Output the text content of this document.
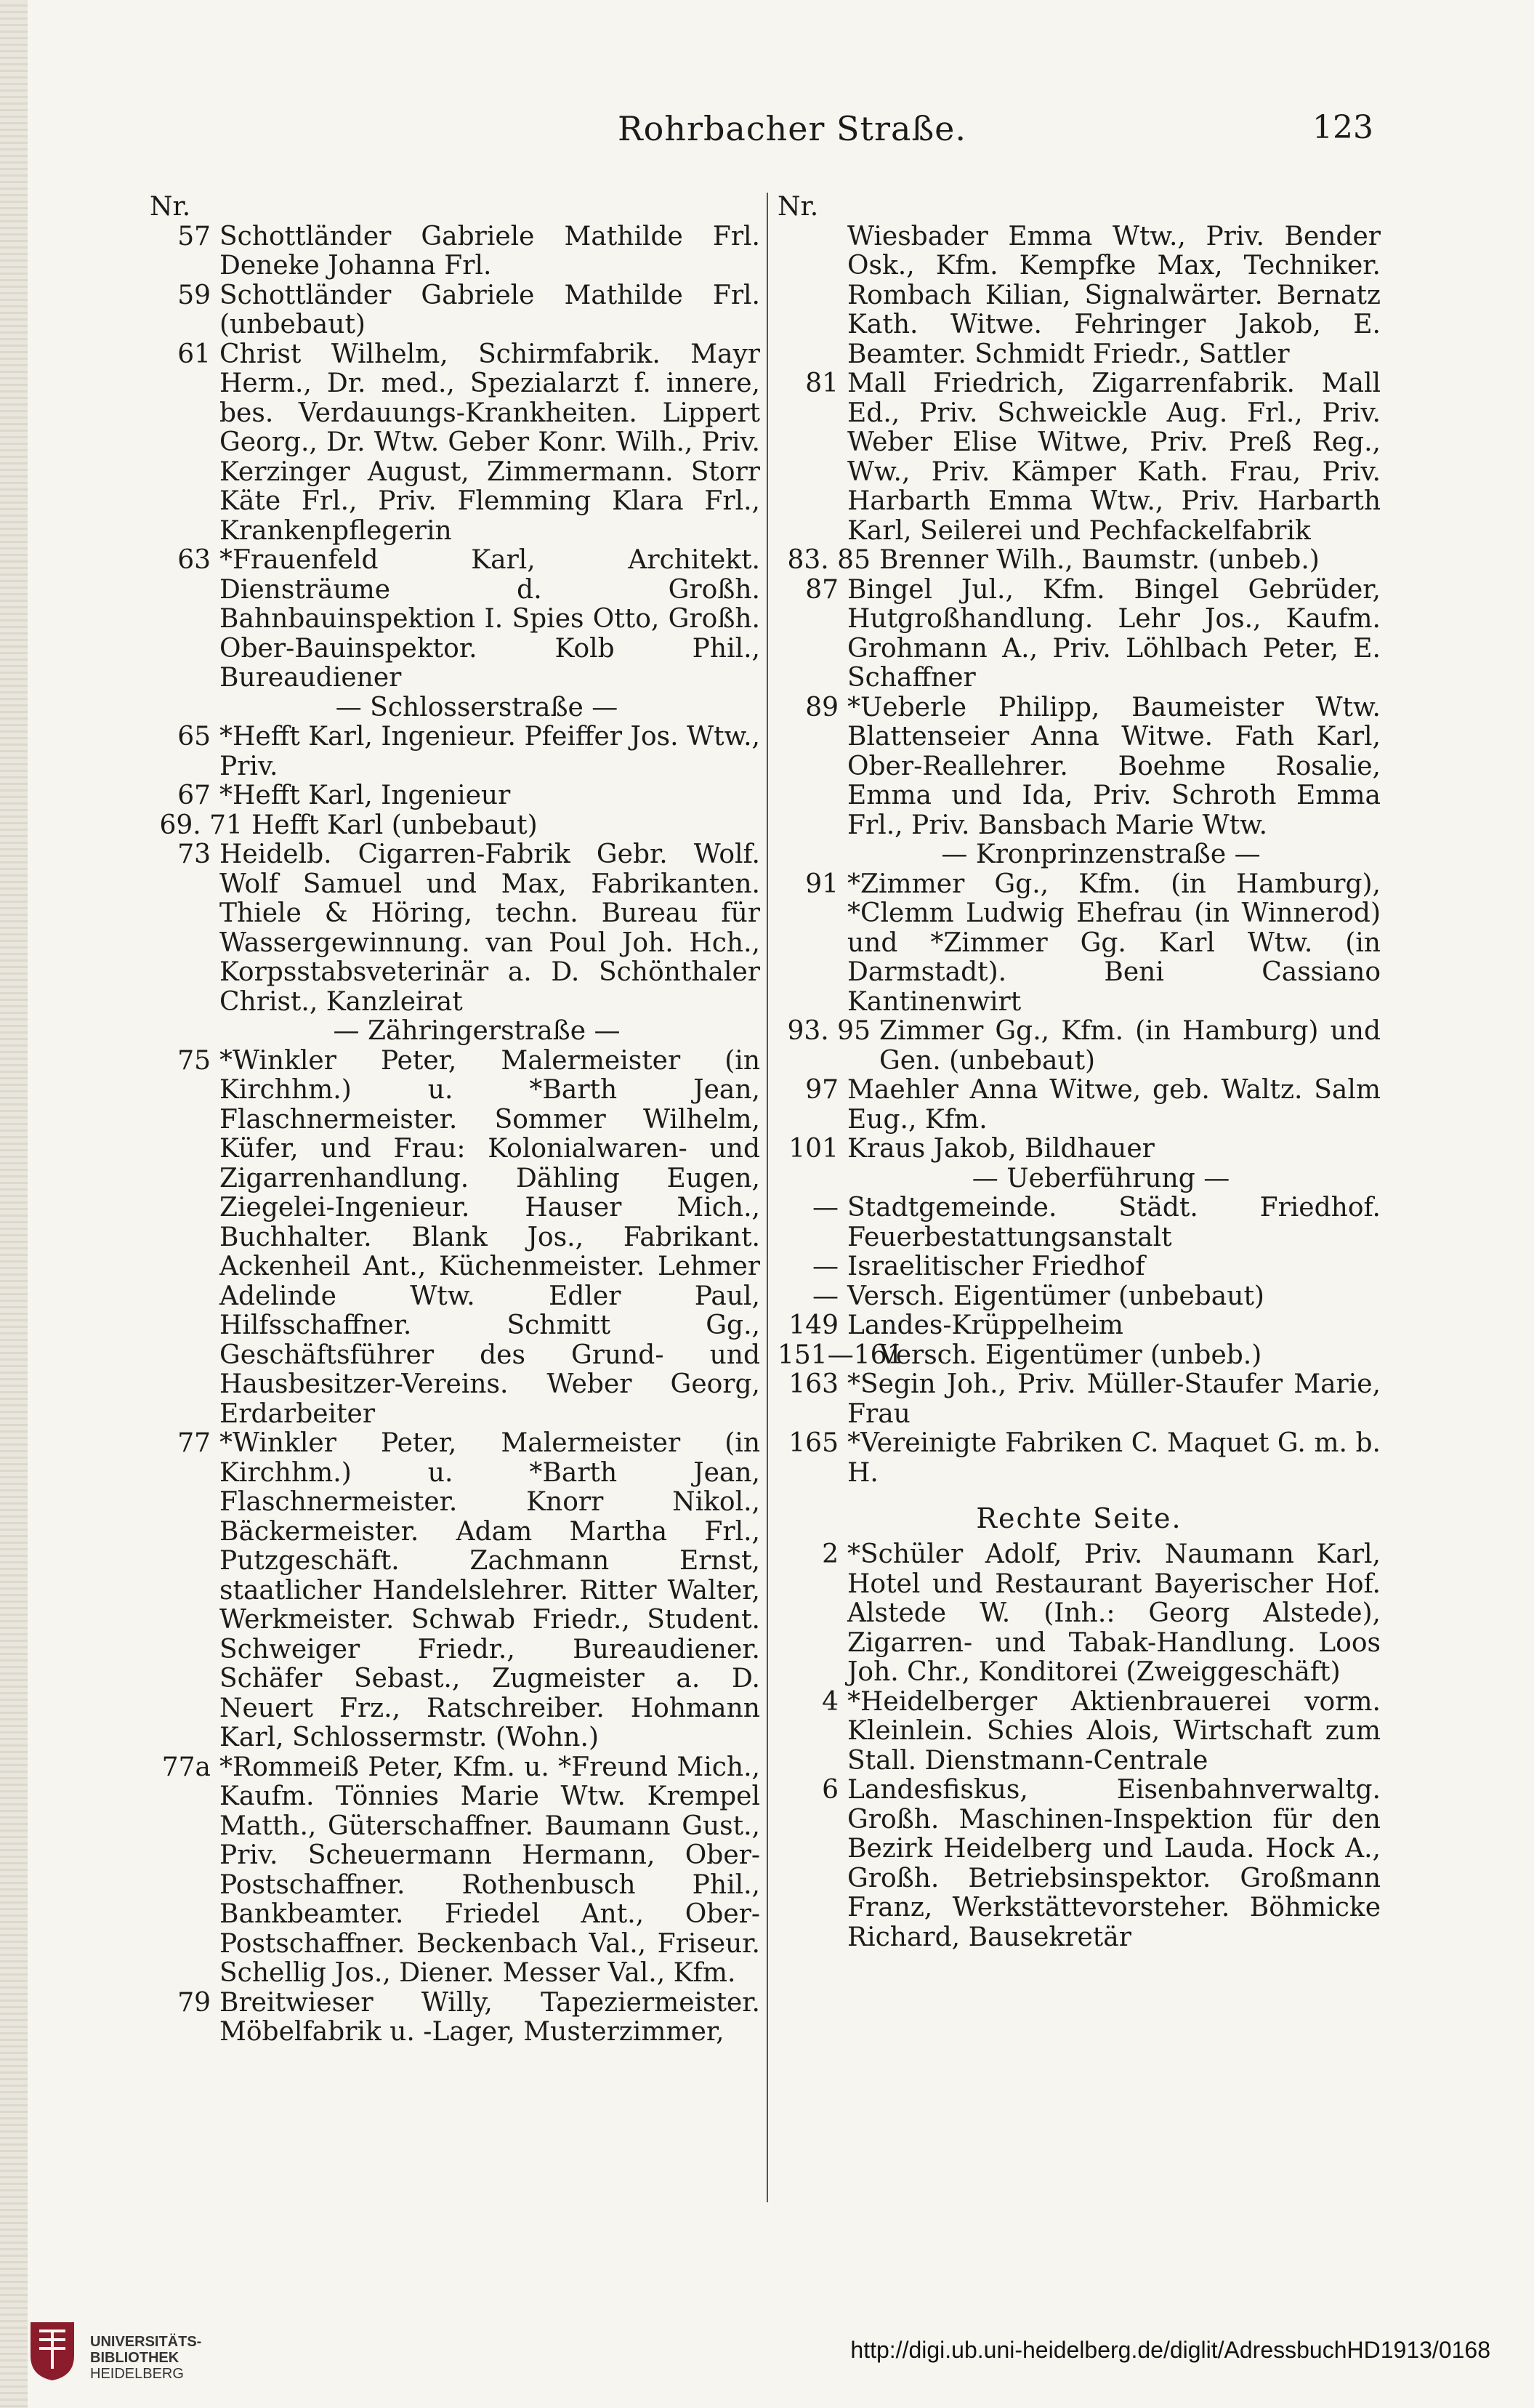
Rohrbacher Straße.	123
Nr.
57 Schottländer Gabriele Mathilde Frl. Deneke Johanna Frl.
59 Schottländer Gabriele Mathilde Frl. (unbebaut)
61 Christ Wilhelm, Schirmfabrik. Mayr Herm., Dr. med., Spezialarzt f. innere, bes. Verdauungs-Krankheiten. Lippert Georg., Dr. Wtw. Geber Konr. Wilh., Priv. Kerzinger August, Zimmermann. Storr Käte Frl., Priv. Flemming Klara Frl., Krankenpflegerin
63 *Frauenfeld Karl, Architekt. Diensträume d. Großh. Bahnbauinspektion I. Spies Otto, Großh. Ober-Bauinspektor. Kolb Phil., Bureaudiener
— Schlosserstraße —
65 *Hefft Karl, Ingenieur. Pfeiffer Jos. Wtw., Priv.
67 *Hefft Karl, Ingenieur
69. 71 Hefft Karl (unbebaut)
73 Heidelb. Cigarren-Fabrik Gebr. Wolf. Wolf Samuel und Max, Fabrikanten. Thiele & Höring, techn. Bureau für Wassergewinnung. van Poul Joh. Hch., Korpsstabsveterinär a. D. Schönthaler Christ., Kanzleirat
— Zähringerstraße —
75 *Winkler Peter, Malermeister (in Kirchhm.) u. *Barth Jean, Flaschnermeister. Sommer Wilhelm, Küfer, und Frau: Kolonialwaren- und Zigarrenhandlung. Dähling Eugen, Ziegelei-Ingenieur. Hauser Mich., Buchhalter. Blank Jos., Fabrikant. Ackenheil Ant., Küchenmeister. Lehmer Adelinde Wtw. Edler Paul, Hilfsschaffner. Schmitt Gg., Geschäftsführer des Grund- und Hausbesitzer-Vereins. Weber Georg, Erdarbeiter
77 *Winkler Peter, Malermeister (in Kirchhm.) u. *Barth Jean, Flaschnermeister. Knorr Nikol., Bäckermeister. Adam Martha Frl., Putzgeschäft. Zachmann Ernst, staatlicher Handelslehrer. Ritter Walter, Werkmeister. Schwab Friedr., Student. Schweiger Friedr., Bureaudiener. Schäfer Sebast., Zugmeister a. D. Neuert Frz., Ratschreiber. Hohmann Karl, Schlossermstr. (Wohn.)
77a *Rommeiß Peter, Kfm. u. *Freund Mich., Kaufm. Tönnies Marie Wtw. Krempel Matth., Güterschaffner. Baumann Gust., Priv. Scheuermann Hermann, Ober-Postschaffner. Rothenbusch Phil., Bankbeamter. Friedel Ant., Ober-Postschaffner. Beckenbach Val., Friseur. Schellig Jos., Diener. Messer Val., Kfm.
79 Breitwieser Willy, Tapeziermeister. Möbelfabrik u. -Lager, Musterzimmer,
Nr.
Wiesbader Emma Wtw., Priv. Bender Osk., Kfm. Kempfke Max, Techniker. Rombach Kilian, Signalwärter. Bernatz Kath. Witwe. Fehringer Jakob, E. Beamter. Schmidt Friedr., Sattler
81 Mall Friedrich, Zigarrenfabrik. Mall Ed., Priv. Schweickle Aug. Frl., Priv. Weber Elise Witwe, Priv. Preß Reg., Ww., Priv. Kämper Kath. Frau, Priv. Harbarth Emma Wtw., Priv. Harbarth Karl, Seilerei und Pechfackelfabrik
83. 85 Brenner Wilh., Baumstr. (unbeb.)
87 Bingel Jul., Kfm. Bingel Gebrüder, Hutgroßhandlung. Lehr Jos., Kaufm. Grohmann A., Priv. Löhlbach Peter, E. Schaffner
89 *Ueberle Philipp, Baumeister Wtw. Blattenseier Anna Witwe. Fath Karl, Ober-Reallehrer. Boehme Rosalie, Emma und Ida, Priv. Schroth Emma Frl., Priv. Bansbach Marie Wtw.
— Kronprinzenstraße —
91 *Zimmer Gg., Kfm. (in Hamburg), *Clemm Ludwig Ehefrau (in Winnerod) und *Zimmer Gg. Karl Wtw. (in Darmstadt). Beni Cassiano Kantinenwirt
93. 95 Zimmer Gg., Kfm. (in Hamburg) und Gen. (unbebaut)
97 Maehler Anna Witwe, geb. Waltz. Salm Eug., Kfm.
101 Kraus Jakob, Bildhauer
— Ueberführung —
— Stadtgemeinde. Städt. Friedhof. Feuerbestattungsanstalt
— Israelitischer Friedhof
— Versch. Eigentümer (unbebaut)
149 Landes-Krüppelheim
151—161
Versch. Eigentümer (unbeb.)
163 *Segin Joh., Priv. Müller-Staufer Marie, Frau
165 *Vereinigte Fabriken C. Maquet G. m. b. H.
Rechte Seite.
2 *Schüler Adolf, Priv. Naumann Karl, Hotel und Restaurant Bayerischer Hof. Alstede W. (Inh.: Georg Alstede), Zigarren- und Tabak-Handlung. Loos Joh. Chr., Konditorei (Zweiggeschäft)
4 *Heidelberger Aktienbrauerei vorm. Kleinlein. Schies Alois, Wirtschaft zum Stall. Dienstmann-Centrale
6 Landesfiskus, Eisenbahnverwaltg. Großh. Maschinen-Inspektion für den Bezirk Heidelberg und Lauda. Hock A., Großh. Betriebsinspektor. Großmann Franz, Werkstättevorsteher. Böhmicke Richard, Bausekretär
UNIVERSITÄTS-
BIBLIOTHEK
HEIDELBERG
http://digi.ub.uni-heidelberg.de/diglit/AdressbuchHD1913/0168
